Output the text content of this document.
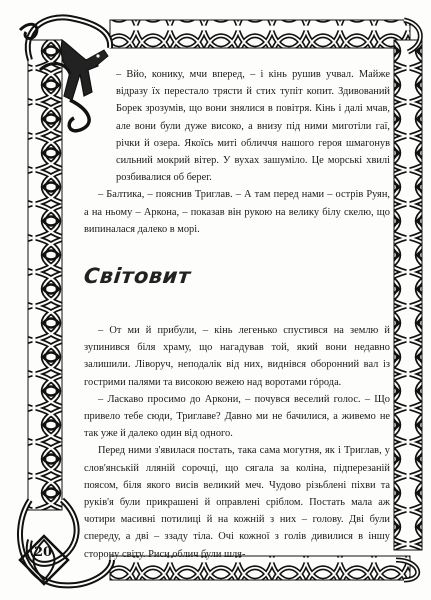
– Вйо, конику, мчи вперед, – і кінь рушив учвал. Майже відразу їх перестало трясти й стих тупіт копит. Здивований Борек зрозумів, що вони знялися в повітря. Кінь і далі мчав, але вони були дуже високо, а внизу під ними миготіли гаї, річки й озера. Якоїсь миті обличчя нашого героя шмагонув сильний мокрий вітер. У вухах зашуміло. Це морські хвилі розбивалися об берег.

– Балтика, – пояснив Триглав. – А там перед нами – острів Руян, а на ньому – Аркона, – показав він рукою на велику білу скелю, що випиналася далеко в морі.

Світовит

– От ми й прибули, – кінь легенько спустився на землю й зупинився біля храму, що нагадував той, який вони недавно залишили. Ліворуч, неподалік від них, виднівся оборонний вал із гострими палями та високою вежею над воротами гóрода.

– Ласкаво просимо до Аркони, – почувся веселий голос. – Що привело тебе сюди, Триглаве? Давно ми не бачилися, а живемо не так уже й далеко один від одного.

Перед ними з'явилася постать, така сама могутня, як і Триглав, у слов'янській лляній сорочці, що сягала за коліна, підперезаній поясом, біля якого висів великий меч. Чудово різьблені піхви та руків'я були прикрашені й оправлені сріблом. Постать мала аж чотири масивні потилиці й на кожній з них – голову. Дві були спереду, а дві – ззаду тіла. Очі кожної з голів дивилися в іншу сторону світу. Риси облич були шля-

20
